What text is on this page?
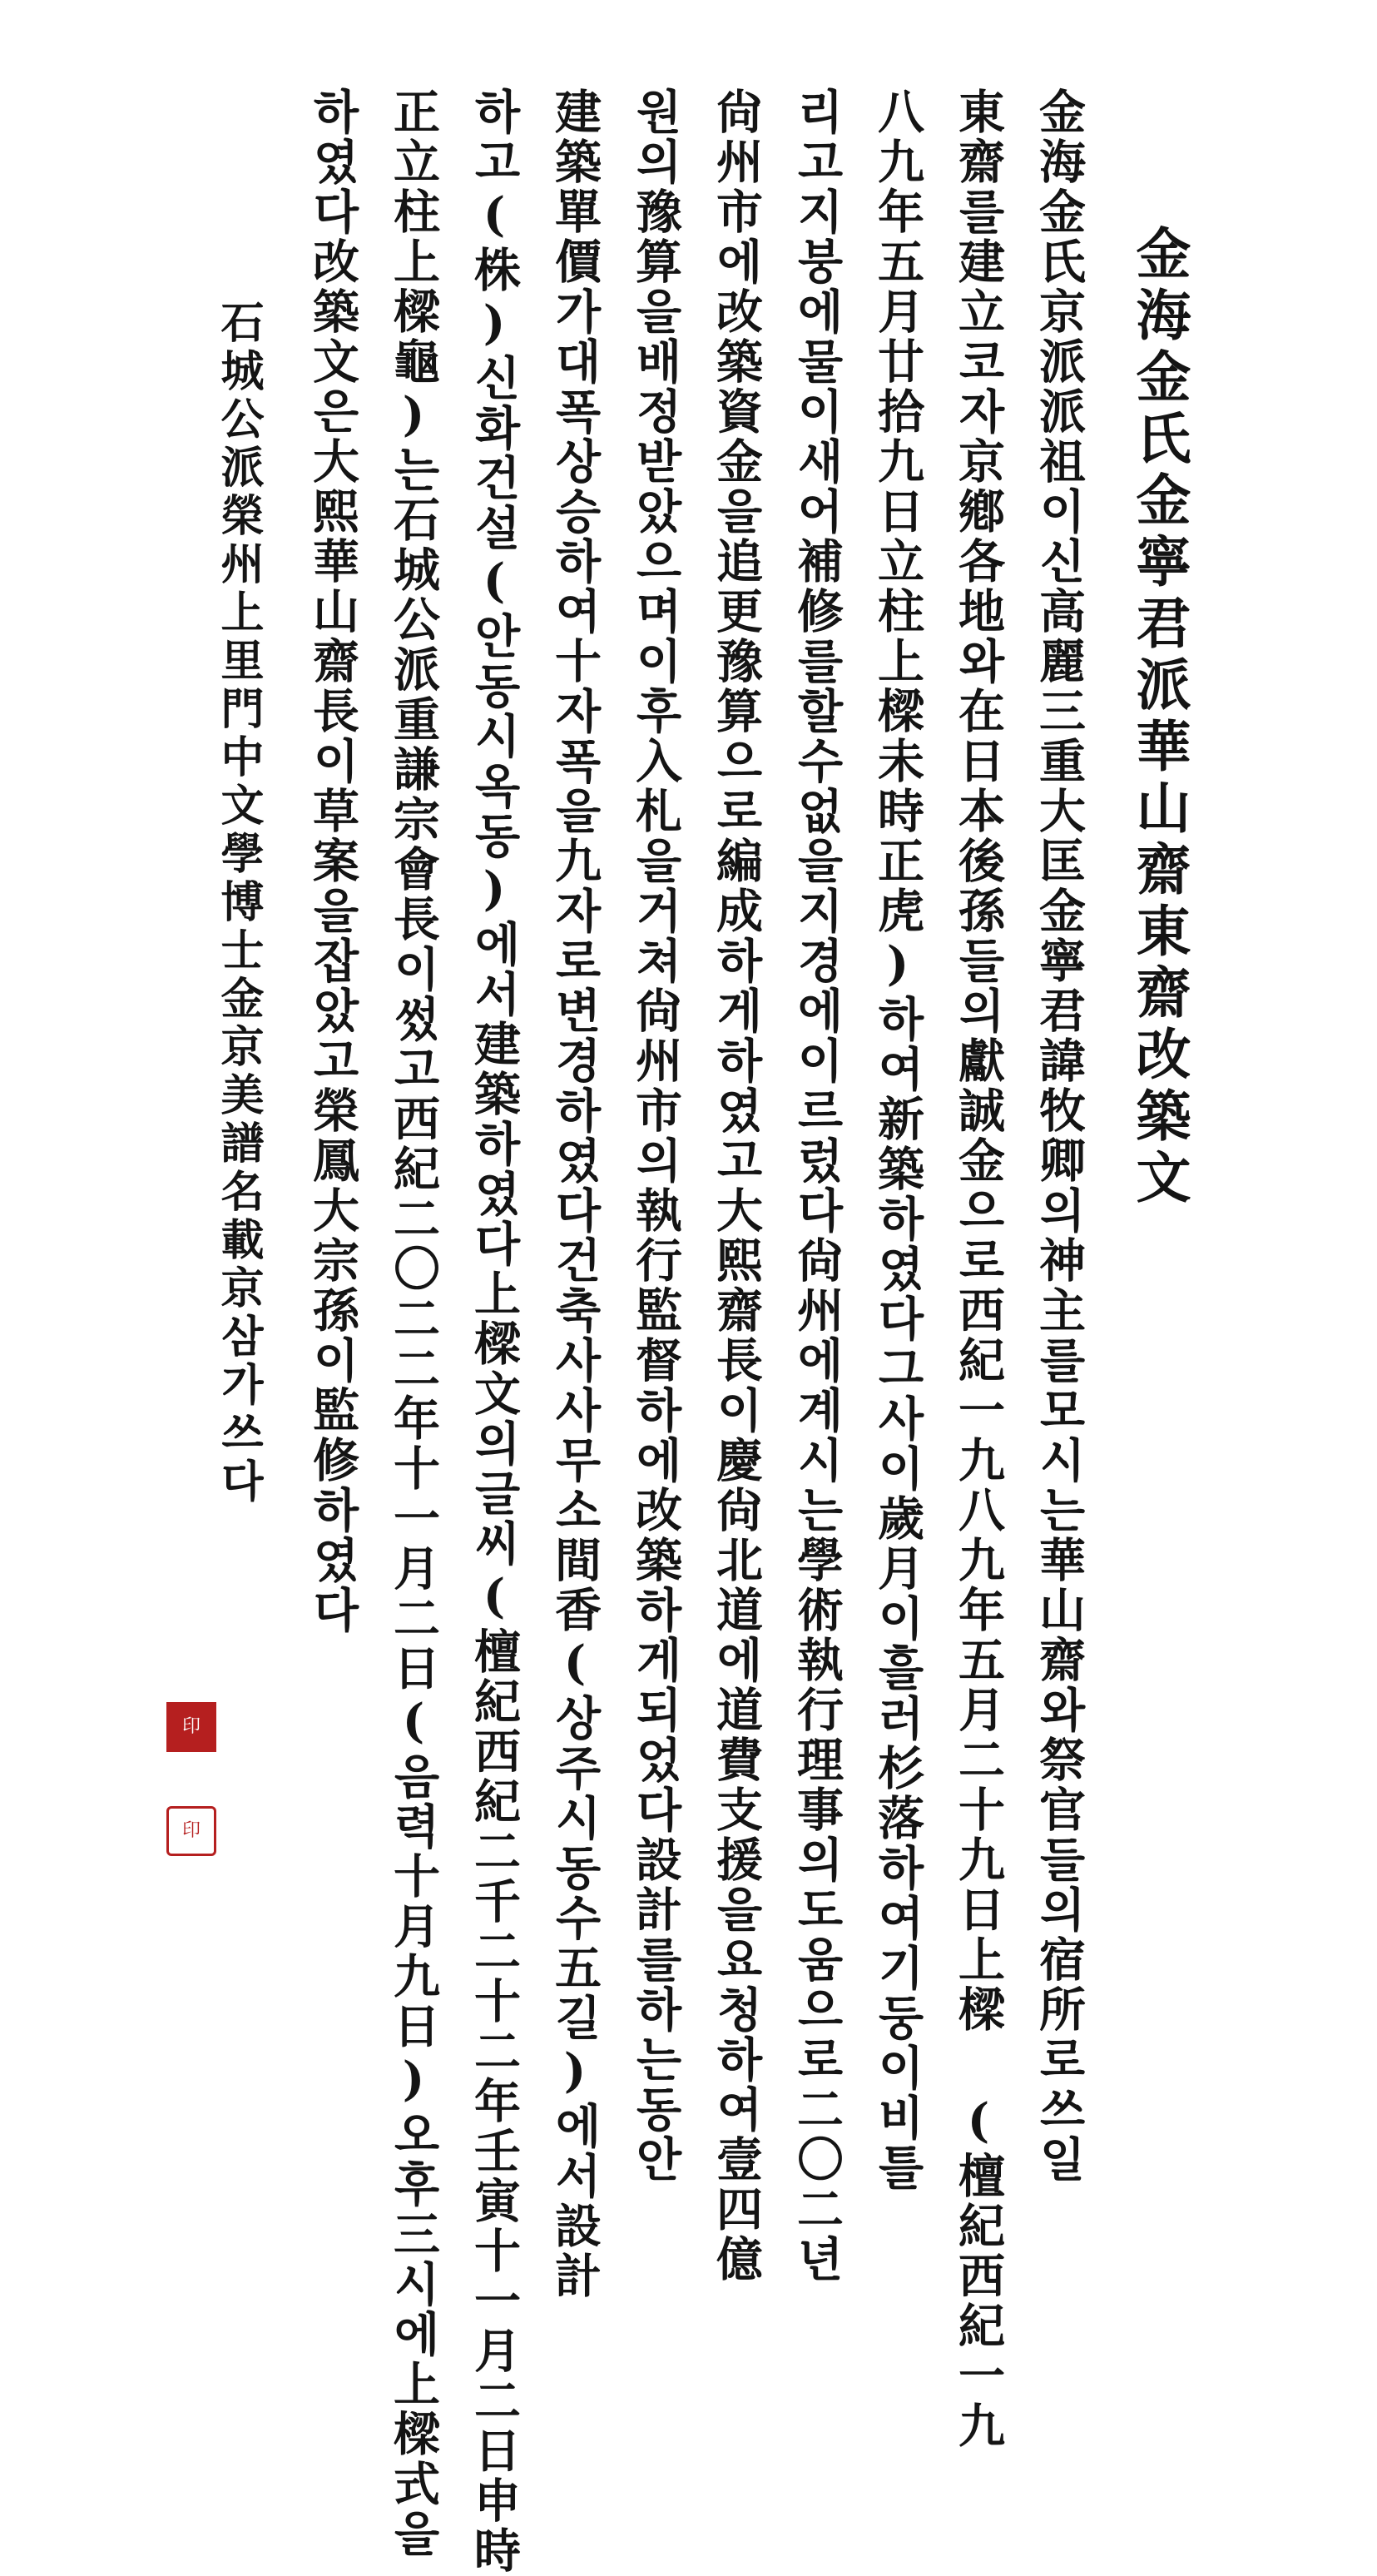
金海金氏金寧君派華山齋東齋改築文
金海金氏京派派祖이신高麗三重大匡金寧君諱牧卿의神主를모시는華山齋와祭官들의宿所로쓰일
東齋를建立코자京鄕各地와在日本後孫들의獻誠金으로西紀一九八九年五月二十九日上樑 (檀紀西紀一九
八九年五月廿拾九日立柱上樑未時正虎)하여新築하였다그사이歲月이흘러杉落하여기둥이비틀
리고지붕에물이새어補修를할수없을지경에이르렀다尙州에계시는學術執行理事의도움으로二〇二년
尙州市에改築資金을追更豫算으로編成하게하였고大熙齋長이慶尙北道에道費支援을요청하여壹四億
원의豫算을배정받았으며이후入札을거쳐尙州市의執行監督하에改築하게되었다設計를하는동안
建築單價가대폭상승하여十자폭을九자로변경하였다건축사사무소間香(상주시동수五길)에서設計
하고(株)신화건설(안동시옥동)에서建築하였다上樑文의글씨(檀紀西紀二千二十二年壬寅十一月二日申時
正立柱上樑龜)는石城公派重謙宗會長이썼고西紀二〇二二年十一月二日(음력十月九日)오후三시에上樑式을
하였다改築文은大熙華山齋長이草案을잡았고榮鳳大宗孫이監修하였다
石城公派榮州上里門中文學博士金京美譜名載京삼가쓰다
印
印
